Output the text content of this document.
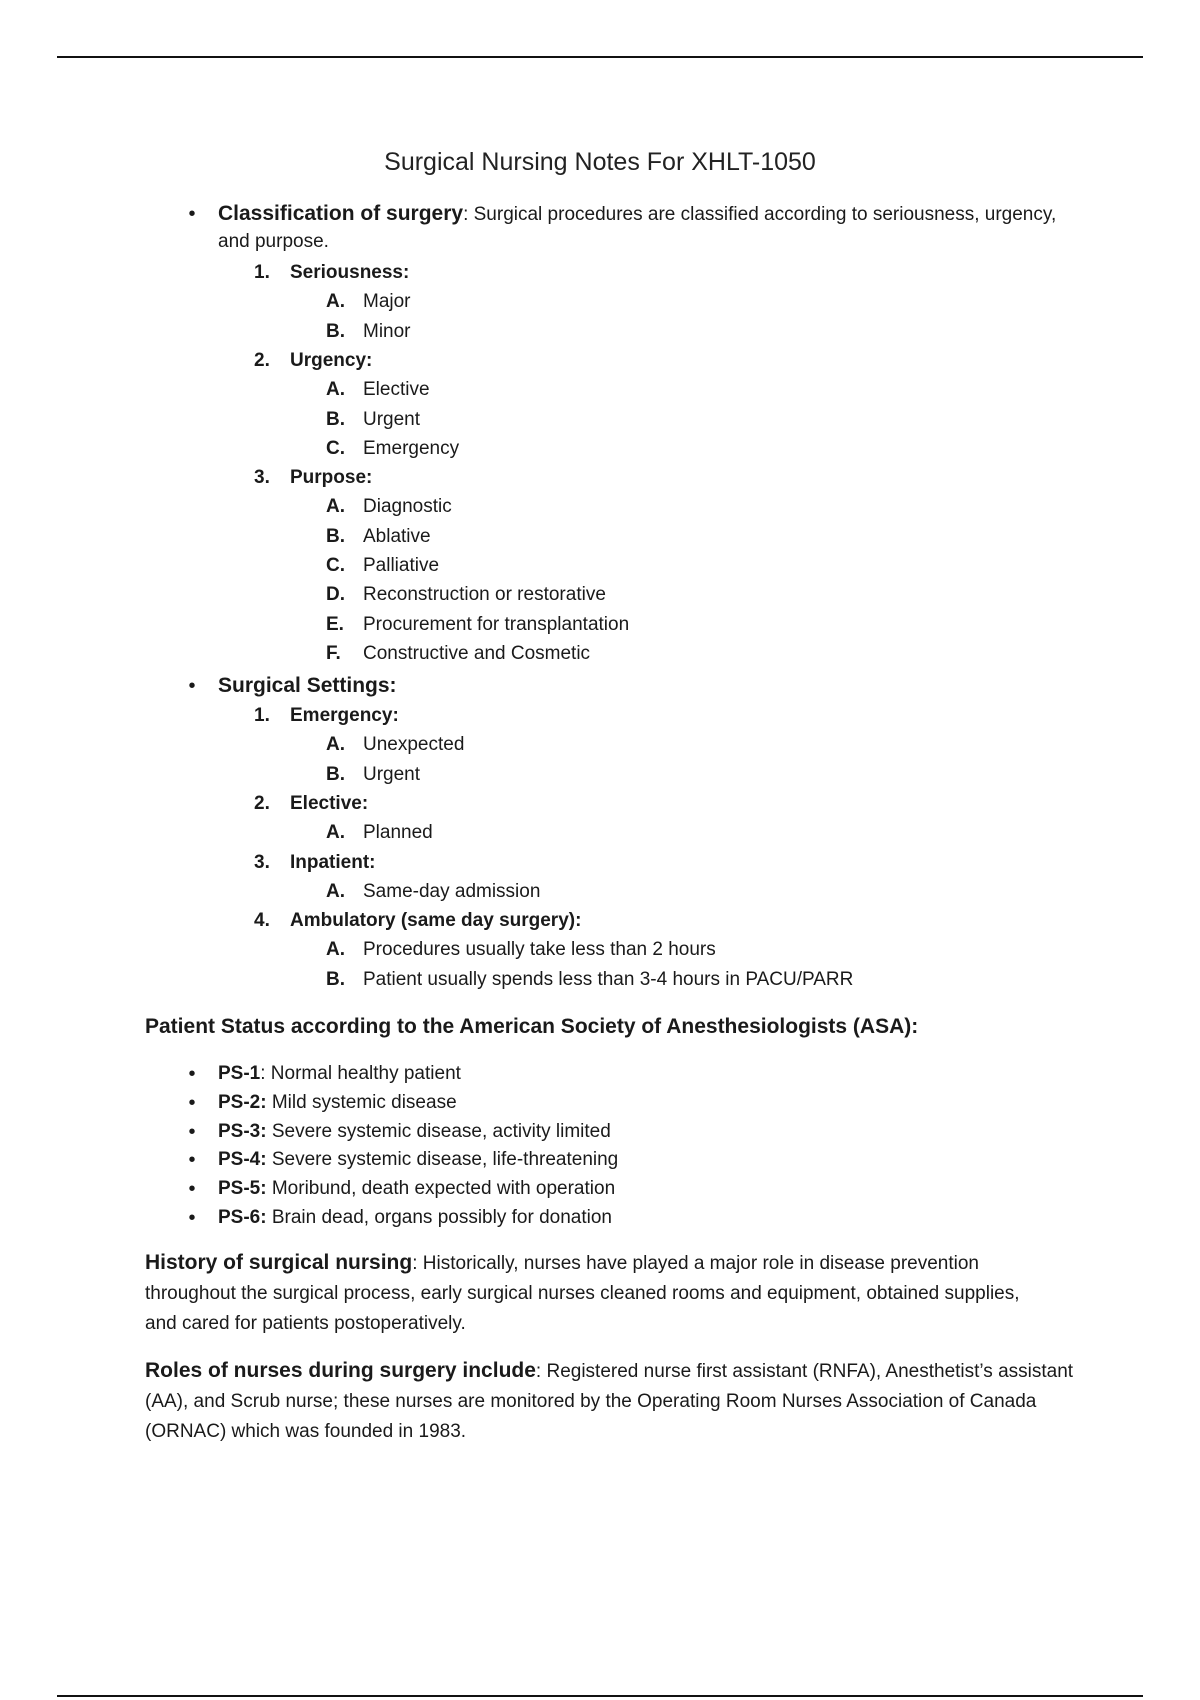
Surgical Nursing Notes For XHLT-1050
•	Classification of surgery: Surgical procedures are classified according to seriousness, urgency,
and purpose.
1. Seriousness:
A. Major
B. Minor
2. Urgency:
A. Elective
B. Urgent
C. Emergency
3. Purpose:
A. Diagnostic
B. Ablative
C. Palliative
D. Reconstruction or restorative
E. Procurement for transplantation
F. Constructive and Cosmetic
•	Surgical Settings:
1. Emergency:
A. Unexpected
B. Urgent
2. Elective:
A. Planned
3. Inpatient:
A. Same-day admission
4. Ambulatory (same day surgery):
A. Procedures usually take less than 2 hours
B. Patient usually spends less than 3-4 hours in PACU/PARR
Patient Status according to the American Society of Anesthesiologists (ASA):
•	PS-1: Normal healthy patient
•	PS-2: Mild systemic disease
•	PS-3: Severe systemic disease, activity limited
•	PS-4: Severe systemic disease, life-threatening
•	PS-5: Moribund, death expected with operation
•	PS-6: Brain dead, organs possibly for donation
History of surgical nursing: Historically, nurses have played a major role in disease prevention
throughout the surgical process, early surgical nurses cleaned rooms and equipment, obtained supplies,
and cared for patients postoperatively.
Roles of nurses during surgery include: Registered nurse first assistant (RNFA), Anesthetist’s assistant
(AA), and Scrub nurse; these nurses are monitored by the Operating Room Nurses Association of Canada
(ORNAC) which was founded in 1983.
